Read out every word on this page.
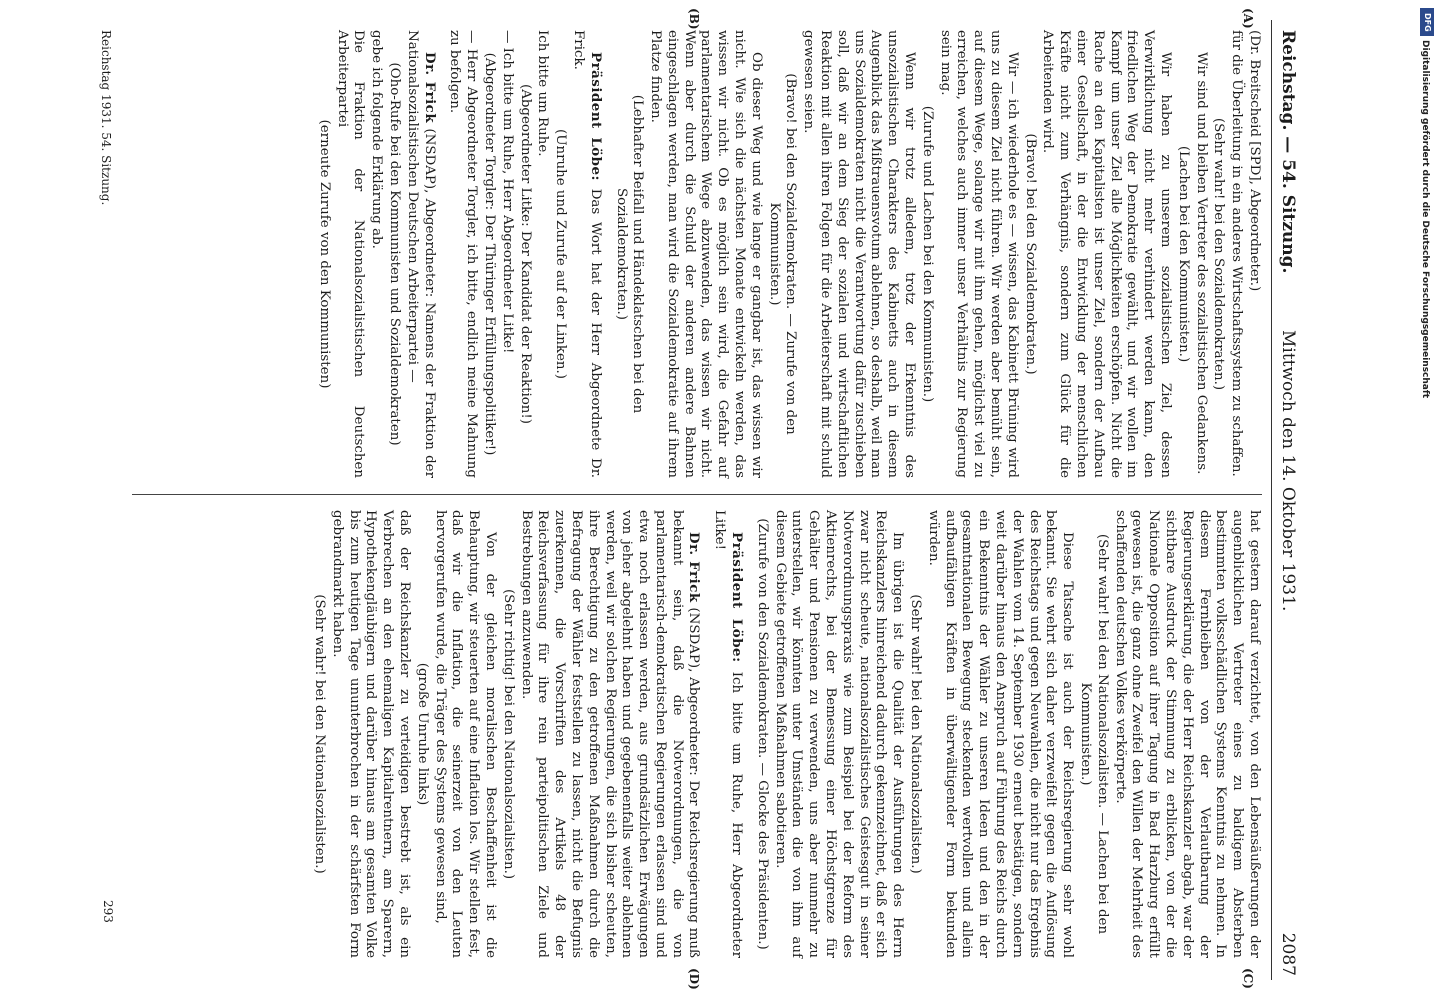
Reichstag. — 54. Sitzung.
Mittwoch den 14. Oktober 1931.
2087

(Dr. Breitscheid [SPD], Abgeordneter.)

für die Überleitung in ein anderes Wirtschaftssystem zu schaffen.

(Sehr wahr! bei den Sozialdemokraten.)

Wir sind und bleiben Vertreter des sozialistischen Gedankens.

(Lachen bei den Kommunisten.)

Wir haben zu unserem sozialistischen Ziel, dessen Verwirklichung nicht mehr verhindert werden kann, den friedlichen Weg der Demokratie gewählt, und wir wollen im Kampf um unser Ziel alle Möglichkeiten erschöpfen. Nicht die Rache an den Kapitalisten ist unser Ziel, sondern der Aufbau einer Gesellschaft, in der die Entwicklung der menschlichen Kräfte nicht zum Verhängnis, sondern zum Glück für die Arbeitenden wird.

(Bravo! bei den Sozialdemokraten.)

Wir — ich wiederhole es — wissen, das Kabinett Brüning wird uns zu diesem Ziel nicht führen. Wir werden aber bemüht sein, auf diesem Wege, solange wir mit ihm gehen, möglichst viel zu erreichen, welches auch immer unser Verhältnis zur Regierung sein mag.

(Zurufe und Lachen bei den Kommunisten.)

Wenn wir trotz alledem, trotz der Erkenntnis des unsozialistischen Charakters des Kabinetts auch in diesem Augenblick das Mißtrauensvotum ablehnen, so deshalb, weil man uns Sozialdemokraten nicht die Verantwortung dafür zuschieben soll, daß wir an dem Sieg der sozialen und wirtschaftlichen Reaktion mit allen ihren Folgen für die Arbeiterschaft mit schuld gewesen seien.

(Bravo! bei den Sozialdemokraten. — Zurufe von den Kommunisten.)

Ob dieser Weg und wie lange er gangbar ist, das wissen wir nicht. Wie sich die nächsten Monate entwickeln werden, das wissen wir nicht. Ob es möglich sein wird, die Gefahr auf parlamentarischem Wege abzuwenden, das wissen wir nicht. Wenn aber durch die Schuld der anderen andere Bahnen eingeschlagen werden, man wird die Sozialdemokratie auf ihrem Platze finden.

(Lebhafter Beifall und Händeklatschen bei den Sozialdemokraten.)

Präsident Löbe: Das Wort hat der Herr Abgeordnete Dr. Frick.

(Unruhe und Zurufe auf der Linken.)

Ich bitte um Ruhe.

(Abgeordneter Litke: Der Kandidat der Reaktion!)

— Ich bitte um Ruhe, Herr Abgeordneter Litke!

(Abgeordneter Torgler: Der Thüringer Erfüllungspolitiker!)

— Herr Abgeordneter Torgler, ich bitte, endlich meine Mahnung zu befolgen.

Dr. Frick (NSDAP), Abgeordneter: Namens der Fraktion der Nationalsozialistischen Deutschen Arbeiterpartei —

(Oho-Rufe bei den Kommunisten und Sozialdemokraten)

gebe ich folgende Erklärung ab.

Die Fraktion der Nationalsozialistischen Deutschen Arbeiterpartei

(erneute Zurufe von den Kommunisten)

hat gestern darauf verzichtet, von den Lebensäußerungen der augenblicklichen Vertreter eines zu baldigem Absterben bestimmten volksschädlichen Systems Kenntnis zu nehmen. In diesem Fernbleiben von der Verlautbarung der Regierungserklärung, die der Herr Reichskanzler abgab, war der sichtbare Ausdruck der Stimmung zu erblicken, von der die Nationale Opposition auf ihrer Tagung in Bad Harzburg erfüllt gewesen ist, die ganz ohne Zweifel den Willen der Mehrheit des schaffenden deutschen Volkes verkörperte.

(Sehr wahr! bei den Nationalsozialisten. — Lachen bei den Kommunisten.)

Diese Tatsache ist auch der Reichsregierung sehr wohl bekannt. Sie wehrt sich daher verzweifelt gegen die Auflösung des Reichstags und gegen Neuwahlen, die nicht nur das Ergebnis der Wahlen vom 14. September 1930 erneut bestätigen, sondern weit darüber hinaus den Anspruch auf Führung des Reichs durch ein Bekenntnis der Wähler zu unseren Ideen und den in der gesamtnationalen Bewegung steckenden wertvollen und allein aufbaufähigen Kräften in überwältigender Form bekunden würden.

(Sehr wahr! bei den Nationalsozialisten.)

Im übrigen ist die Qualität der Ausführungen des Herrn Reichskanzlers hinreichend dadurch gekennzeichnet, daß er sich zwar nicht scheute, nationalsozialistisches Geistesgut in seiner Notverordnungspraxis wie zum Beispiel bei der Reform des Aktienrechts, bei der Bemessung einer Höchstgrenze für Gehälter und Pensionen zu verwenden, uns aber nunmehr zu unterstellen, wir könnten unter Umständen die von ihm auf diesem Gebiete getroffenen Maßnahmen sabotieren.

(Zurufe von den Sozialdemokraten. — Glocke des Präsidenten.)

Präsident Löbe: Ich bitte um Ruhe, Herr Abgeordneter Litke!

Dr. Frick (NSDAP), Abgeordneter: Der Reichsregierung muß bekannt sein, daß die Notverordnungen, die von parlamentarisch-demokratischen Regierungen erlassen sind und etwa noch erlassen werden, aus grundsätzlichen Erwägungen von jeher abgelehnt haben und gegebenenfalls weiter ablehnen werden, weil wir solchen Regierungen, die sich bisher scheuten, ihre Berechtigung zu den getroffenen Maßnahmen durch die Befragung der Wähler feststellen zu lassen, nicht die Befugnis zuerkennen, die Vorschriften des Artikels 48 der Reichsverfassung für ihre rein parteipolitischen Ziele und Bestrebungen anzuwenden.

(Sehr richtig! bei den Nationalsozialisten.)

Von der gleichen moralischen Beschaffenheit ist die Behauptung, wir steuerten auf eine Inflation los. Wir stellen fest, daß wir die Inflation, die seinerzeit von den Leuten hervorgerufen wurde, die Träger des Systems gewesen sind,

(große Unruhe links)

daß der Reichskanzler zu verteidigen bestrebt ist, als ein Verbrechen an den ehemaligen Kapitalrentnern, am Sparern, Hypothekengläubigern und darüber hinaus am gesamten Volke bis zum heutigen Tage ununterbrochen in der schärfsten Form gebrandmarkt haben.

(Sehr wahr! bei den Nationalsozialisten.)

(A)
(B)
(C)
(D)
Reichstag 1931. 54. Sitzung.
293
DFG
Digitalisierung gefördert durch die Deutsche Forschungsgemeinschaft
